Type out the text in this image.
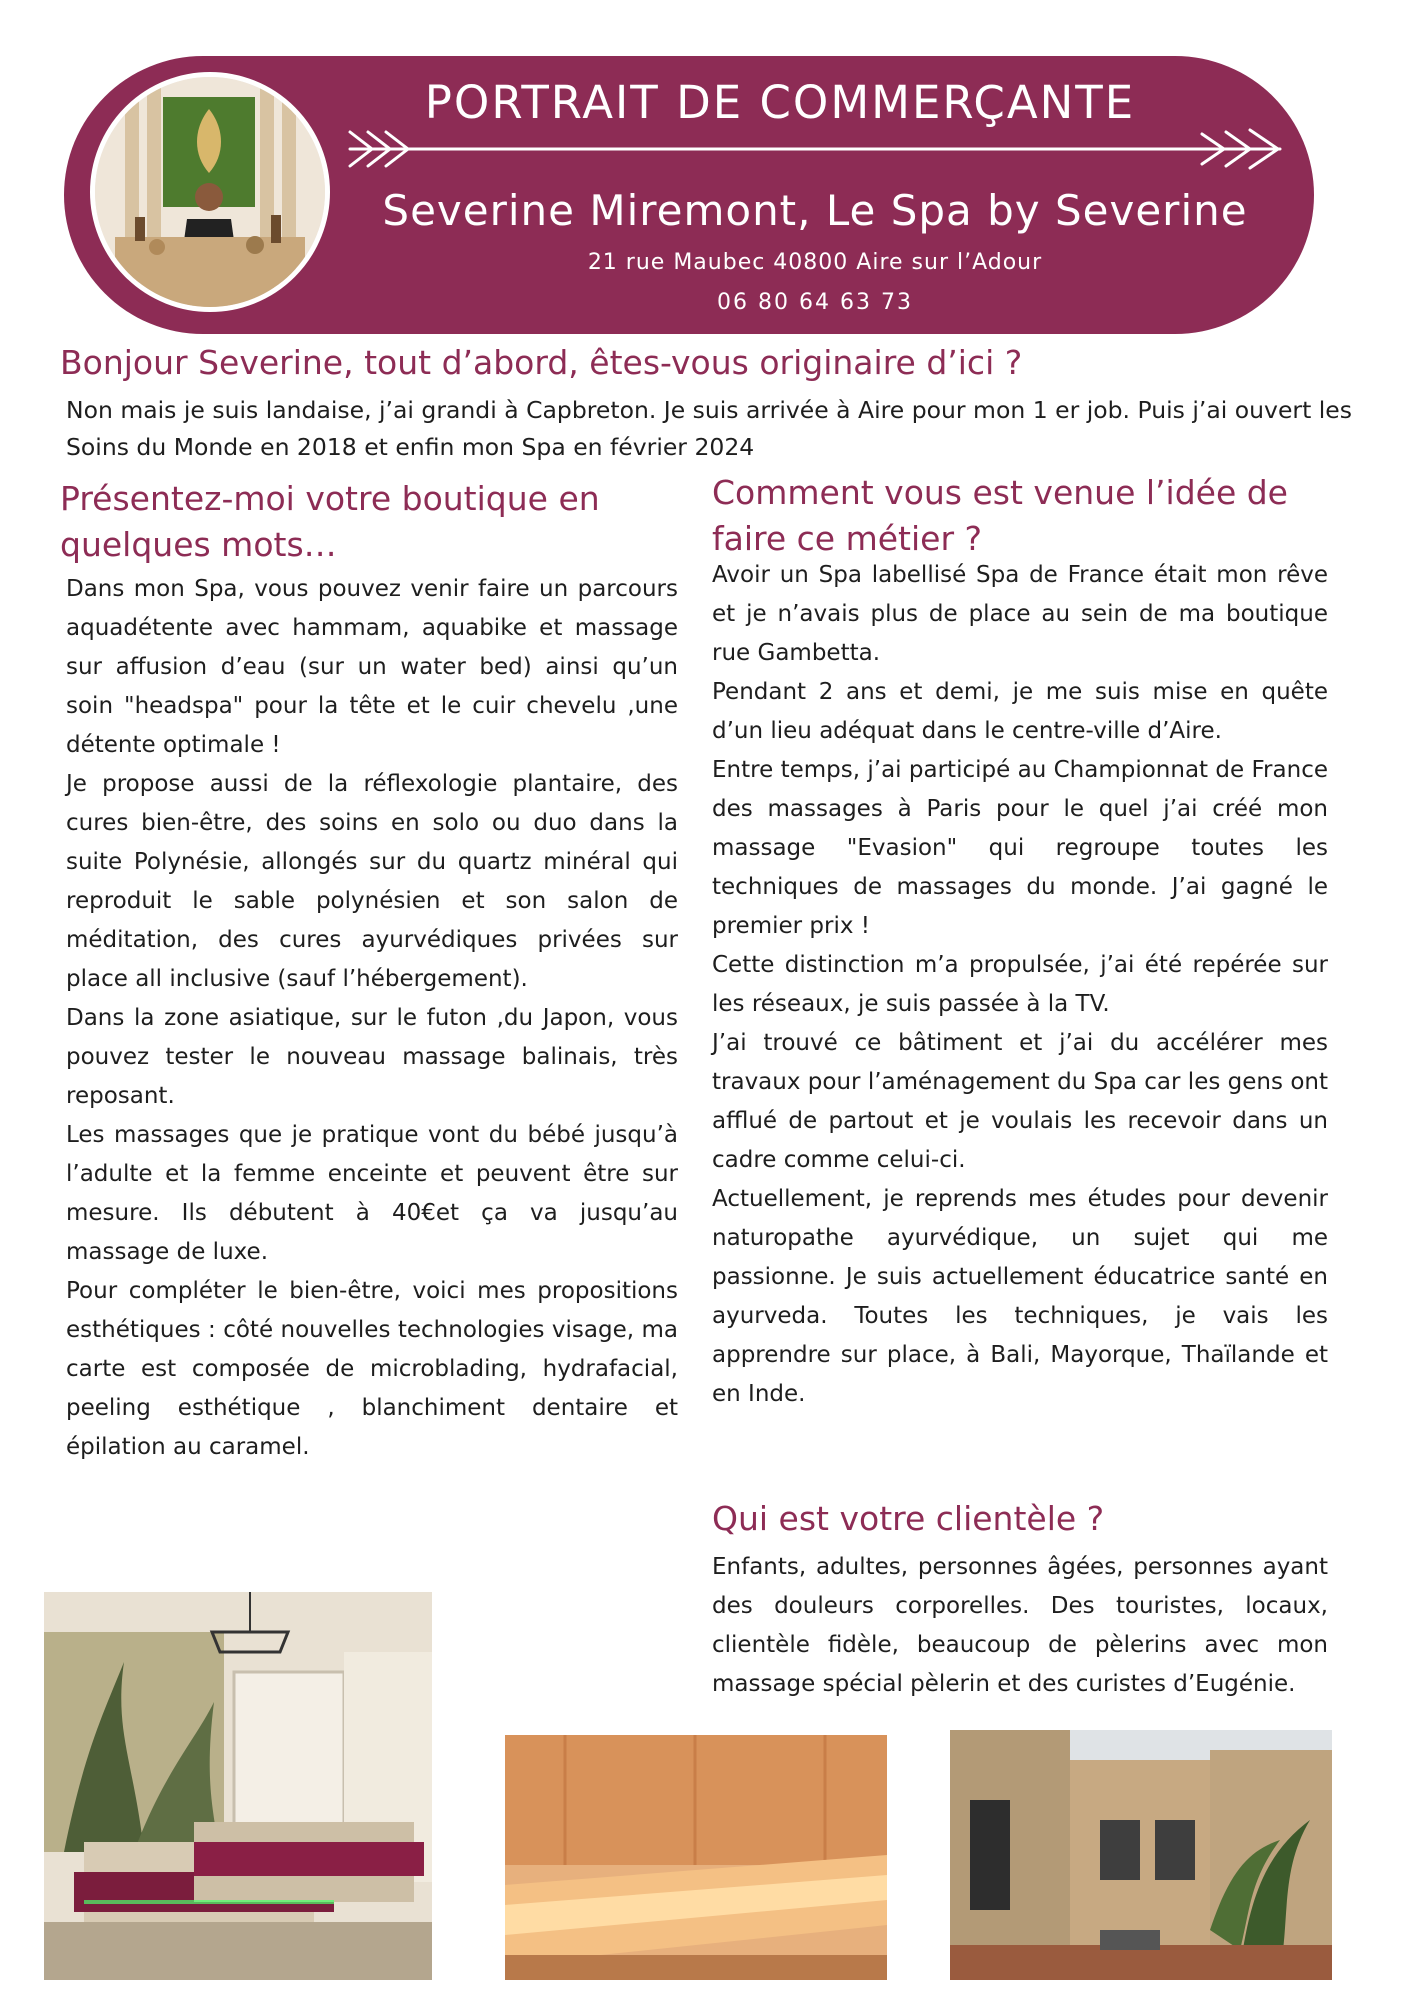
PORTRAIT DE COMMERÇANTE
Severine Miremont, Le Spa by Severine
21 rue Maubec 40800 Aire sur l’Adour
06 80 64 63 73
Bonjour Severine, tout d’abord, êtes-vous originaire d’ici ?
Non mais je suis landaise, j’ai grandi à Capbreton. Je suis arrivée à Aire pour mon 1 er job. Puis j’ai ouvert les Soins du Monde en 2018 et enfin mon Spa en février 2024
Présentez-moi votre boutique en quelques mots…

Dans mon Spa, vous pouvez venir faire un parcours aquadétente avec hammam, aquabike et massage sur affusion d’eau (sur un water bed) ainsi qu’un soin "headspa" pour la tête et le cuir chevelu ,une détente optimale !

Je propose aussi de la réflexologie plantaire, des cures bien-être, des soins en solo ou duo dans la suite Polynésie, allongés sur du quartz minéral qui reproduit le sable polynésien et son salon de méditation, des cures ayurvédiques privées sur place all inclusive (sauf l’hébergement).

Dans la zone asiatique, sur le futon ,du Japon, vous pouvez tester le nouveau massage balinais, très reposant.

Les massages que je pratique vont du bébé jusqu’à l’adulte et la femme enceinte et peuvent être sur mesure. Ils débutent à 40€et ça va jusqu’au massage de luxe.

Pour compléter le bien-être, voici mes propositions esthétiques : côté nouvelles technologies visage, ma carte est composée de microblading, hydrafacial, peeling esthétique , blanchiment dentaire et épilation au caramel.

Comment vous est venue l’idée de faire ce métier ?

Avoir un Spa labellisé Spa de France était mon rêve et je n’avais plus de place au sein de ma boutique rue Gambetta.

Pendant 2 ans et demi, je me suis mise en quête d’un lieu adéquat dans le centre-ville d’Aire.

Entre temps, j’ai participé au Championnat de France des massages à Paris pour le quel j’ai créé mon massage "Evasion" qui regroupe toutes les techniques de massages du monde. J’ai gagné le premier prix !

Cette distinction m’a propulsée, j’ai été repérée sur les réseaux, je suis passée à la TV.

J’ai trouvé ce bâtiment et j’ai du accélérer mes travaux pour l’aménagement du Spa car les gens ont afflué de partout et je voulais les recevoir dans un cadre comme celui-ci.

Actuellement, je reprends mes études pour devenir naturopathe ayurvédique, un sujet qui me passionne. Je suis actuellement éducatrice santé en ayurveda. Toutes les techniques, je vais les apprendre sur place, à Bali, Mayorque, Thaïlande et en Inde.

Qui est votre clientèle ?
Enfants, adultes, personnes âgées, personnes ayant des douleurs corporelles. Des touristes, locaux, clientèle fidèle, beaucoup de pèlerins avec mon massage spécial pèlerin et des curistes d’Eugénie.
